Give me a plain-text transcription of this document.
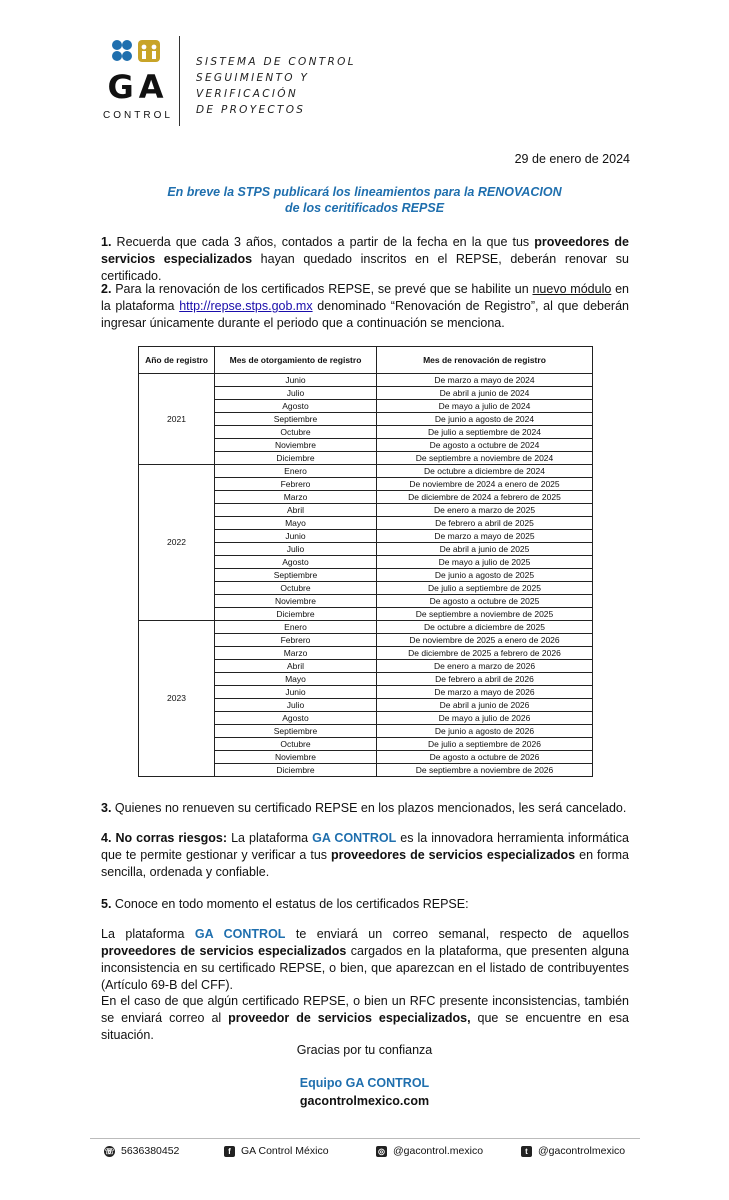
GA
CONTROL
SISTEMA DE CONTROL
SEGUIMIENTO Y VERIFICACIÓN
DE PROYECTOS
29 de enero de 2024
En breve la STPS publicará los lineamientos para la RENOVACION
de los ceritificados REPSE
1. Recuerda que cada 3 años, contados a partir de la fecha en la que tus proveedores de servicios especializados hayan quedado inscritos en el REPSE, deberán renovar su certificado.
2. Para la renovación de los certificados REPSE, se prevé que se habilite un nuevo módulo en la plataforma http://repse.stps.gob.mx denominado “Renovación de Registro”, al que deberán ingresar únicamente durante el periodo que a continuación se menciona.
Año de registro	Mes de otorgamiento de registro	Mes de renovación de registro
2021	Junio	De marzo a mayo de 2024
	Julio	De abril a junio de 2024
	Agosto	De mayo a julio de 2024
	Septiembre	De junio a agosto de 2024
	Octubre	De julio a septiembre de 2024
	Noviembre	De agosto a octubre de 2024
	Diciembre	De septiembre a noviembre de 2024
2022	Enero	De octubre a diciembre de 2024
	Febrero	De noviembre de 2024 a enero de 2025
	Marzo	De diciembre de 2024 a febrero de 2025
	Abril	De enero a marzo de 2025
	Mayo	De febrero a abril de 2025
	Junio	De marzo a mayo de 2025
	Julio	De abril a junio de 2025
	Agosto	De mayo a julio de 2025
	Septiembre	De junio a agosto de 2025
	Octubre	De julio a septiembre de 2025
	Noviembre	De agosto a octubre de 2025
	Diciembre	De septiembre a noviembre de 2025
2023	Enero	De octubre a diciembre de 2025
	Febrero	De noviembre de 2025 a enero de 2026
	Marzo	De diciembre de 2025 a febrero de 2026
	Abril	De enero a marzo de 2026
	Mayo	De febrero a abril de 2026
	Junio	De marzo a mayo de 2026
	Julio	De abril a junio de 2026
	Agosto	De mayo a julio de 2026
	Septiembre	De junio a agosto de 2026
	Octubre	De julio a septiembre de 2026
	Noviembre	De agosto a octubre de 2026
	Diciembre	De septiembre a noviembre de 2026
3. Quienes no renueven su certificado REPSE en los plazos mencionados, les será cancelado.
4. No corras riesgos: La plataforma GA CONTROL es la innovadora herramienta informática que te permite gestionar y verificar a tus proveedores de servicios especializados en forma sencilla, ordenada y confiable.
5. Conoce en todo momento el estatus de los certificados REPSE:
La plataforma GA CONTROL te enviará un correo semanal, respecto de aquellos proveedores de servicios especializados cargados en la plataforma, que presenten alguna inconsistencia en su certificado REPSE, o bien, que aparezcan en el listado de contribuyentes (Artículo 69-B del CFF).
En el caso de que algún certificado REPSE, o bien un RFC presente inconsistencias, también se enviará correo al proveedor de servicios especializados, que se encuentre en esa situación.
Gracias por tu confianza
Equipo GA CONTROL
gacontrolmexico.com
☏ 5636380452	f GA Control México	◎ @gacontrol.mexico	t @gacontrolmexico
